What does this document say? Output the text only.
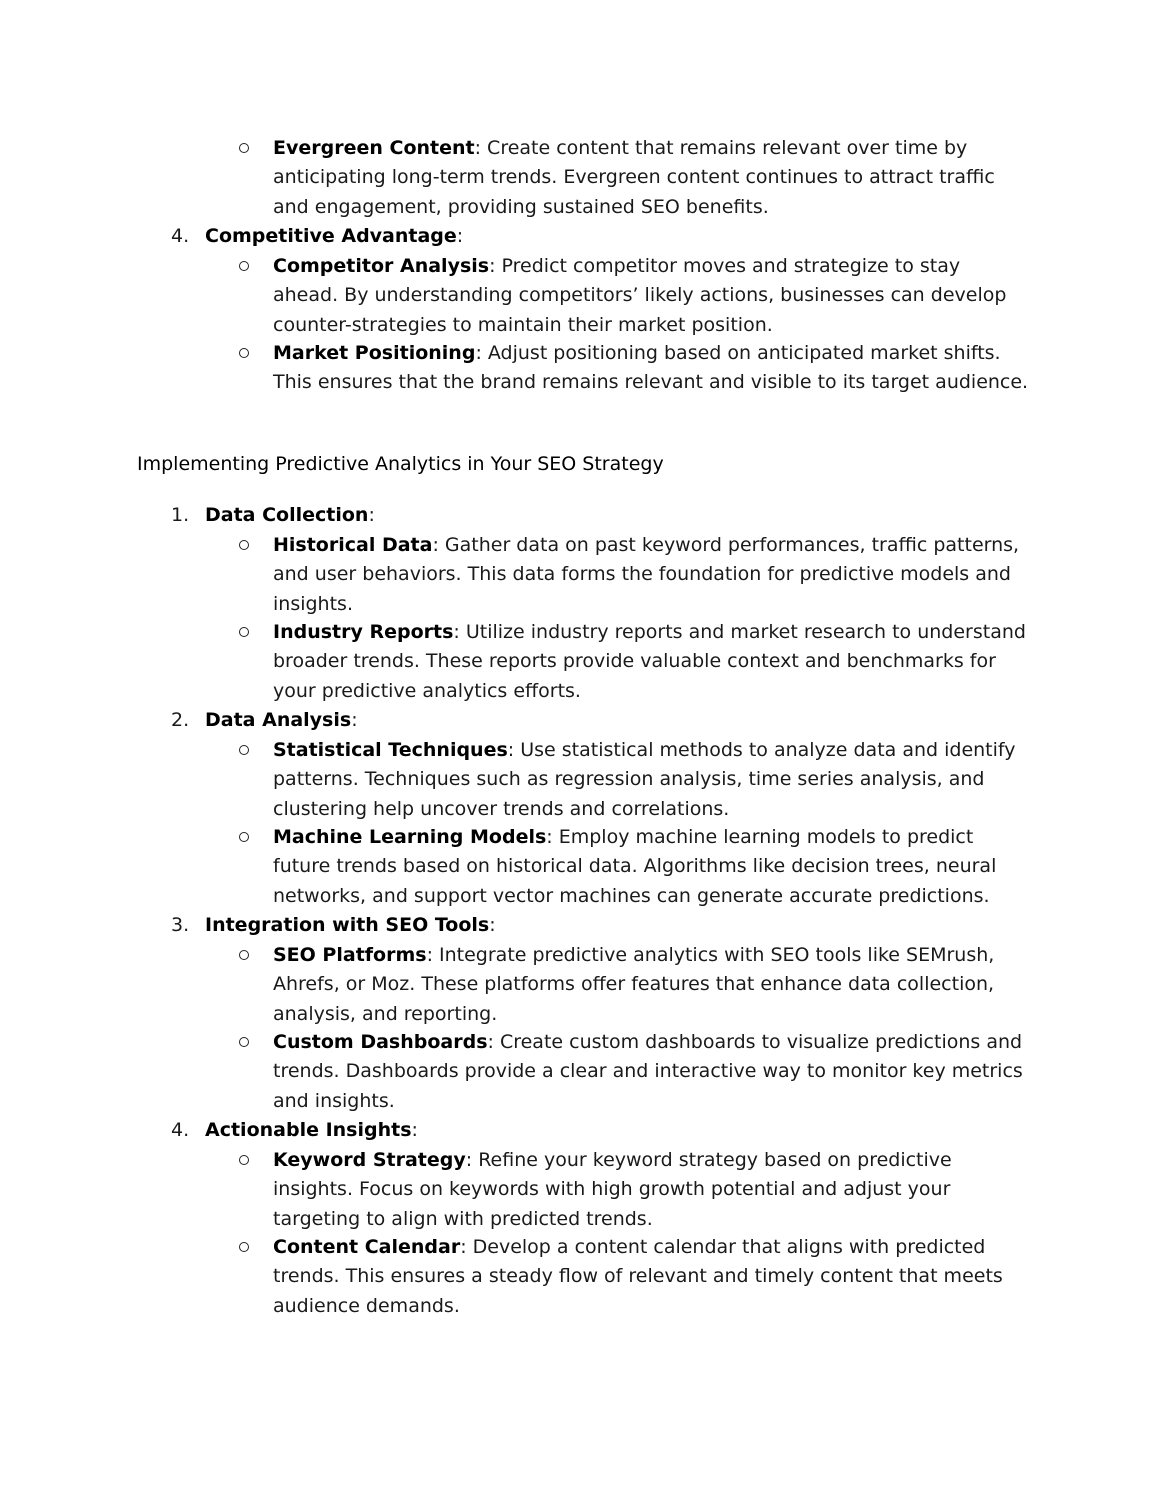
Evergreen Content: Create content that remains relevant over time by anticipating long-term trends. Evergreen content continues to attract traffic and engagement, providing sustained SEO benefits.
4. Competitive Advantage:
Competitor Analysis: Predict competitor moves and strategize to stay ahead. By understanding competitors’ likely actions, businesses can develop counter-strategies to maintain their market position.
Market Positioning: Adjust positioning based on anticipated market shifts. This ensures that the brand remains relevant and visible to its target audience.
Implementing Predictive Analytics in Your SEO Strategy
1. Data Collection:
Historical Data: Gather data on past keyword performances, traffic patterns, and user behaviors. This data forms the foundation for predictive models and insights.
Industry Reports: Utilize industry reports and market research to understand broader trends. These reports provide valuable context and benchmarks for your predictive analytics efforts.
2. Data Analysis:
Statistical Techniques: Use statistical methods to analyze data and identify patterns. Techniques such as regression analysis, time series analysis, and clustering help uncover trends and correlations.
Machine Learning Models: Employ machine learning models to predict future trends based on historical data. Algorithms like decision trees, neural networks, and support vector machines can generate accurate predictions.
3. Integration with SEO Tools:
SEO Platforms: Integrate predictive analytics with SEO tools like SEMrush, Ahrefs, or Moz. These platforms offer features that enhance data collection, analysis, and reporting.
Custom Dashboards: Create custom dashboards to visualize predictions and trends. Dashboards provide a clear and interactive way to monitor key metrics and insights.
4. Actionable Insights:
Keyword Strategy: Refine your keyword strategy based on predictive insights. Focus on keywords with high growth potential and adjust your targeting to align with predicted trends.
Content Calendar: Develop a content calendar that aligns with predicted trends. This ensures a steady flow of relevant and timely content that meets audience demands.
